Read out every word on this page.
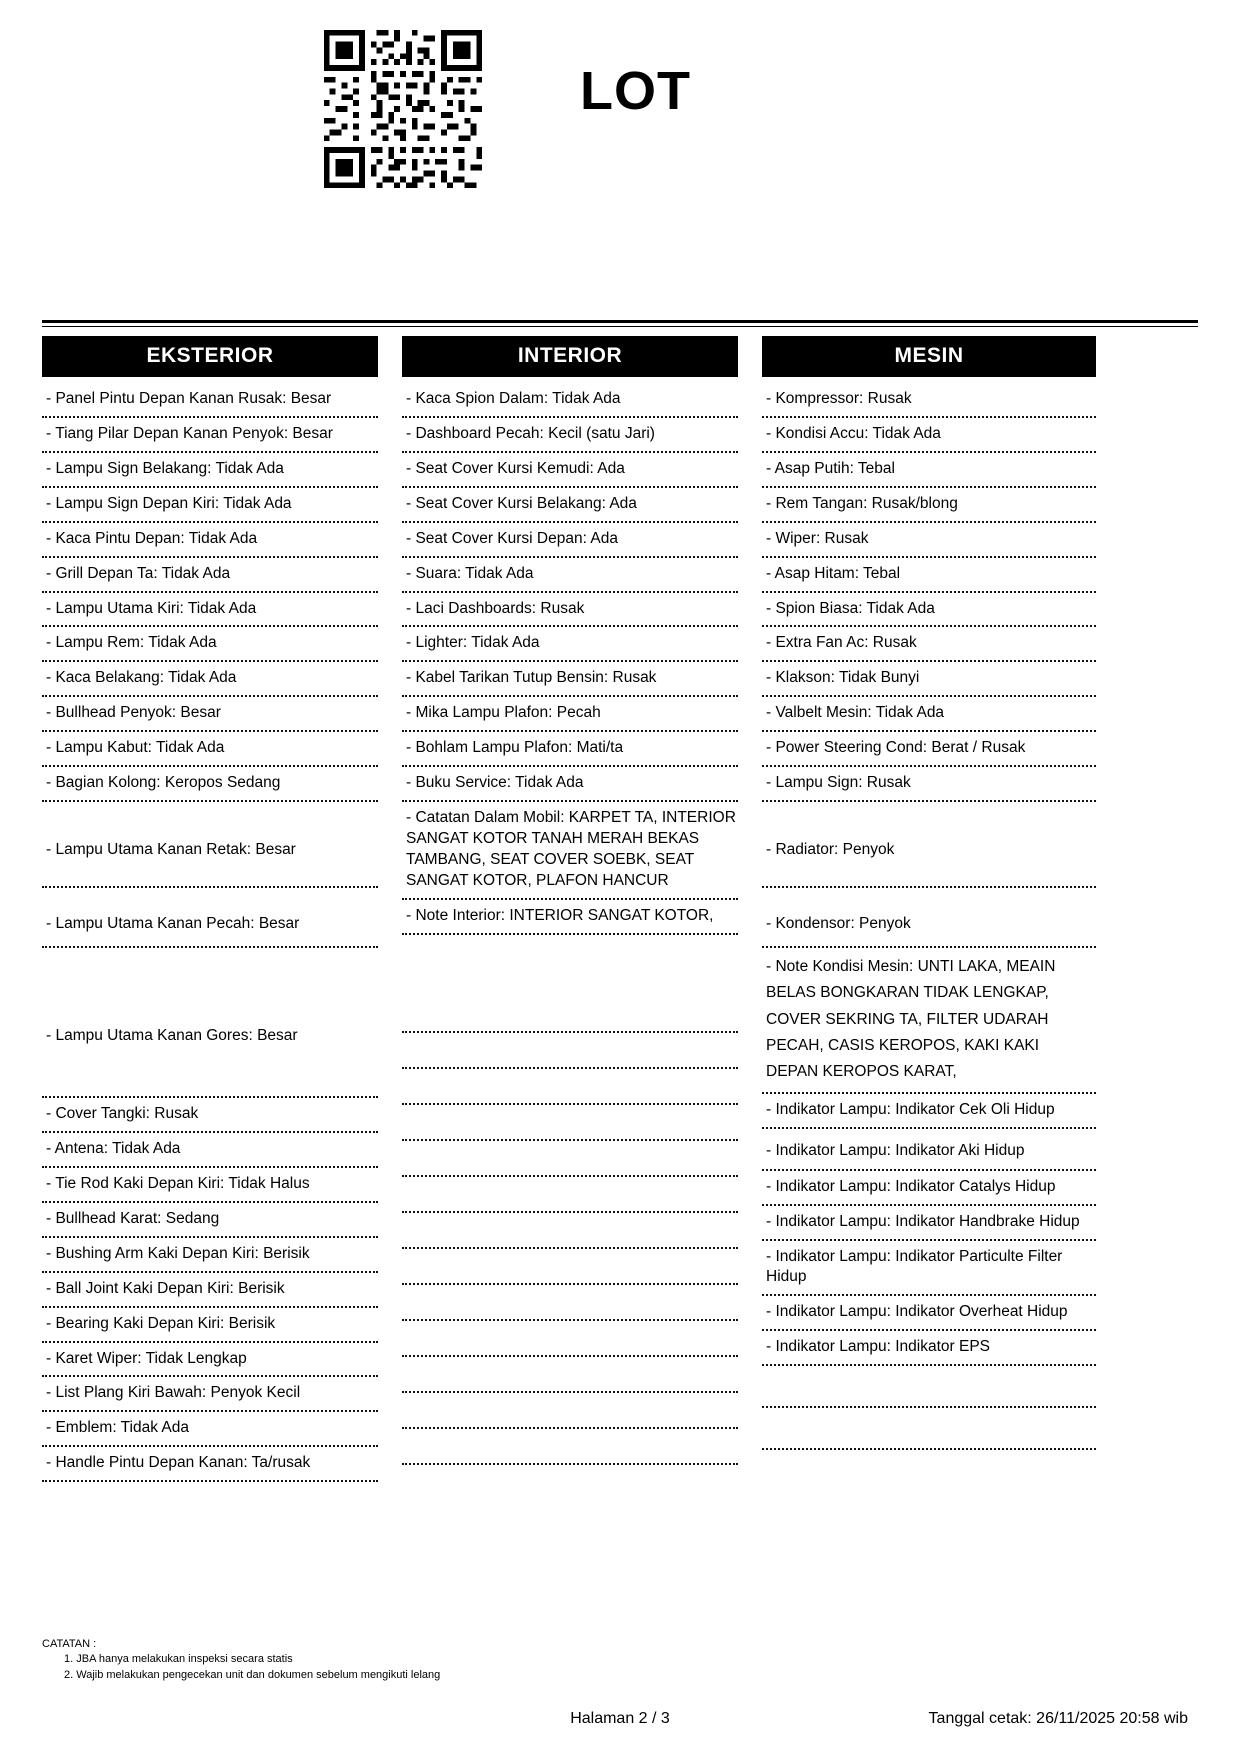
LOT
EKSTERIOR
- Panel Pintu Depan Kanan Rusak: Besar
- Tiang Pilar Depan Kanan Penyok: Besar
- Lampu Sign Belakang: Tidak Ada
- Lampu Sign Depan Kiri: Tidak Ada
- Kaca Pintu Depan: Tidak Ada
- Grill Depan Ta: Tidak Ada
- Lampu Utama Kiri: Tidak Ada
- Lampu Rem: Tidak Ada
- Kaca Belakang: Tidak Ada
- Bullhead Penyok: Besar
- Lampu Kabut: Tidak Ada
- Bagian Kolong: Keropos Sedang
- Lampu Utama Kanan Retak: Besar
- Lampu Utama Kanan Pecah: Besar
- Lampu Utama Kanan Gores: Besar
- Cover Tangki: Rusak
- Antena: Tidak Ada
- Tie Rod Kaki Depan Kiri: Tidak Halus
- Bullhead Karat: Sedang
- Bushing Arm Kaki Depan Kiri: Berisik
- Ball Joint Kaki Depan Kiri: Berisik
- Bearing Kaki Depan Kiri: Berisik
- Karet Wiper: Tidak Lengkap
- List Plang Kiri Bawah: Penyok Kecil
- Emblem: Tidak Ada
- Handle Pintu Depan Kanan: Ta/rusak
INTERIOR
- Kaca Spion Dalam: Tidak Ada
- Dashboard Pecah: Kecil (satu Jari)
- Seat Cover Kursi Kemudi: Ada
- Seat Cover Kursi Belakang: Ada
- Seat Cover Kursi Depan: Ada
- Suara: Tidak Ada
- Laci Dashboards: Rusak
- Lighter: Tidak Ada
- Kabel Tarikan Tutup Bensin: Rusak
- Mika Lampu Plafon: Pecah
- Bohlam Lampu Plafon: Mati/ta
- Buku Service: Tidak Ada
- Catatan Dalam Mobil: KARPET TA, INTERIOR SANGAT KOTOR TANAH MERAH BEKAS TAMBANG, SEAT COVER SOEBK, SEAT SANGAT KOTOR, PLAFON HANCUR
- Note Interior: INTERIOR SANGAT KOTOR,
MESIN
- Kompressor: Rusak
- Kondisi Accu: Tidak Ada
- Asap Putih: Tebal
- Rem Tangan: Rusak/blong
- Wiper: Rusak
- Asap Hitam: Tebal
- Spion Biasa: Tidak Ada
- Extra Fan Ac: Rusak
- Klakson: Tidak Bunyi
- Valbelt Mesin: Tidak Ada
- Power Steering Cond: Berat / Rusak
- Lampu Sign: Rusak
- Radiator: Penyok
- Kondensor: Penyok
- Note Kondisi Mesin: UNTI LAKA, MEAIN BELAS BONGKARAN TIDAK LENGKAP, COVER SEKRING TA, FILTER UDARAH PECAH, CASIS KEROPOS, KAKI KAKI DEPAN KEROPOS KARAT,
- Indikator Lampu: Indikator Cek Oli Hidup
- Indikator Lampu: Indikator Aki Hidup
- Indikator Lampu: Indikator Catalys Hidup
- Indikator Lampu: Indikator Handbrake Hidup
- Indikator Lampu: Indikator Particulte Filter Hidup
- Indikator Lampu: Indikator Overheat Hidup
- Indikator Lampu: Indikator EPS
CATATAN :
1. JBA hanya melakukan inspeksi secara statis
2. Wajib melakukan pengecekan unit dan dokumen sebelum mengikuti lelang
Halaman 2 / 3	Tanggal cetak: 26/11/2025 20:58 wib
